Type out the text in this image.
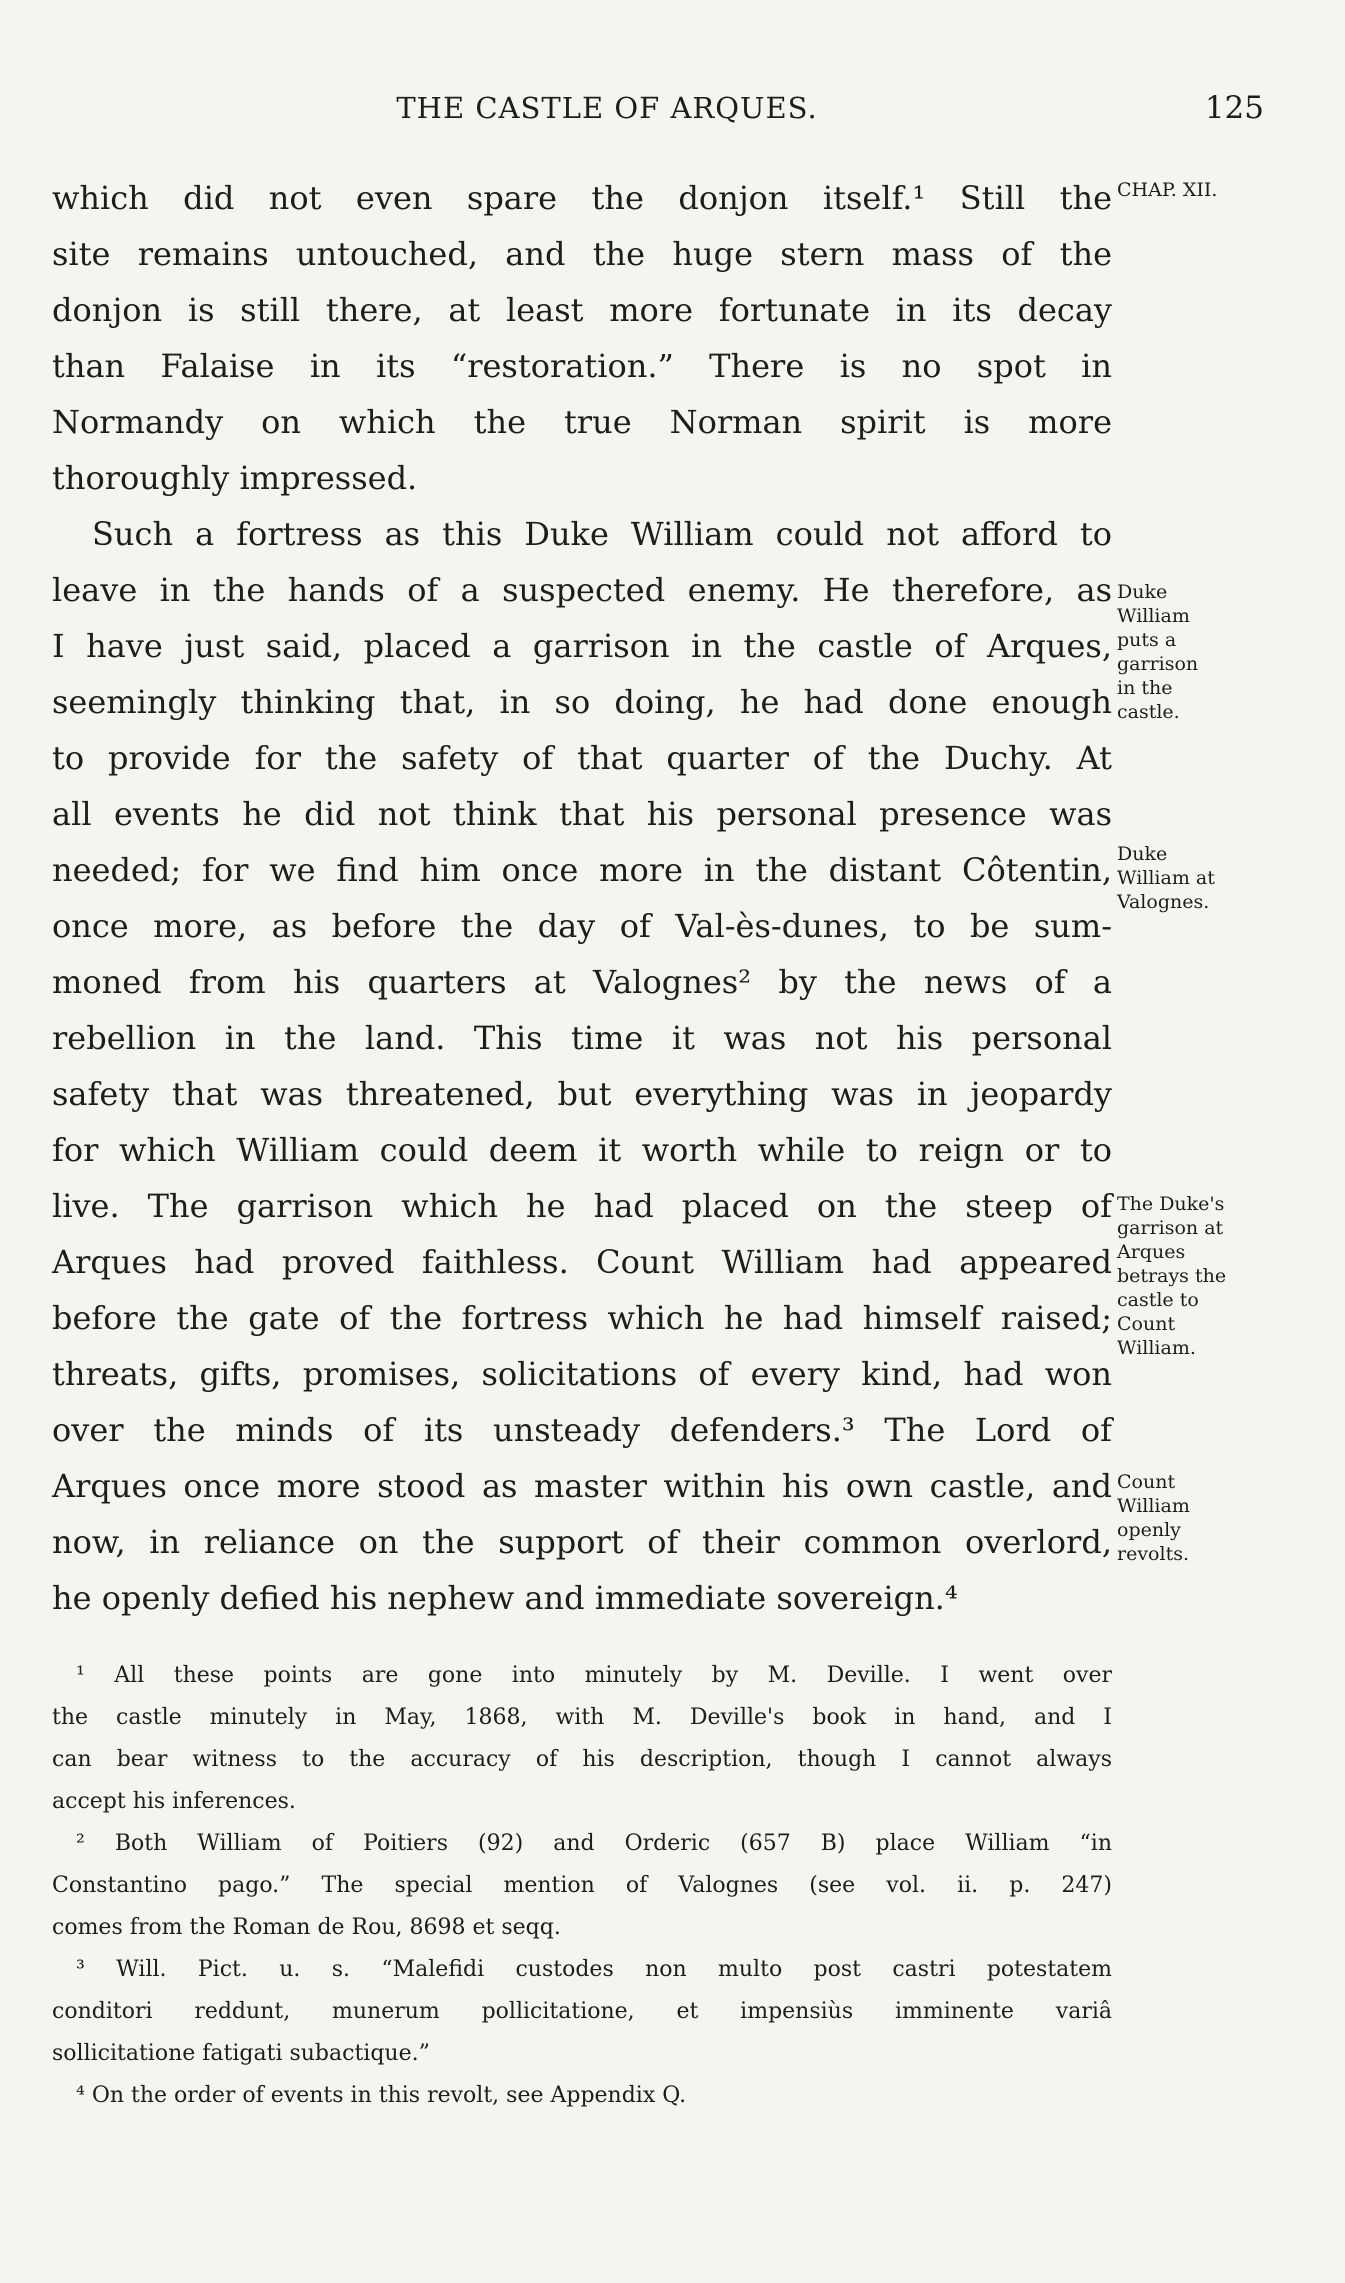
THE CASTLE OF ARQUES.	125
which did not even spare the donjon itself.¹ Still the
site remains untouched, and the huge stern mass of the
donjon is still there, at least more fortunate in its decay
than Falaise in its “restoration.” There is no spot in
Normandy on which the true Norman spirit is more
thoroughly impressed.
Such a fortress as this Duke William could not afford to
leave in the hands of a suspected enemy. He therefore, as
I have just said, placed a garrison in the castle of Arques,
seemingly thinking that, in so doing, he had done enough
to provide for the safety of that quarter of the Duchy. At
all events he did not think that his personal presence was
needed; for we find him once more in the distant Côtentin,
once more, as before the day of Val-ès-dunes, to be sum-
moned from his quarters at Valognes² by the news of a
rebellion in the land. This time it was not his personal
safety that was threatened, but everything was in jeopardy
for which William could deem it worth while to reign or to
live. The garrison which he had placed on the steep of
Arques had proved faithless. Count William had appeared
before the gate of the fortress which he had himself raised;
threats, gifts, promises, solicitations of every kind, had won
over the minds of its unsteady defenders.³ The Lord of
Arques once more stood as master within his own castle, and
now, in reliance on the support of their common overlord,
he openly defied his nephew and immediate sovereign.⁴
CHAP. XII.
Duke
William
puts a
garrison
in the
castle.
Duke
William at
Valognes.
The Duke's
garrison at
Arques
betrays the
castle to
Count
William.
Count
William
openly
revolts.
¹ All these points are gone into minutely by M. Deville. I went over
the castle minutely in May, 1868, with M. Deville's book in hand, and I
can bear witness to the accuracy of his description, though I cannot always
accept his inferences.
² Both William of Poitiers (92) and Orderic (657 B) place William “in
Constantino pago.” The special mention of Valognes (see vol. ii. p. 247)
comes from the Roman de Rou, 8698 et seqq.
³ Will. Pict. u. s. “Malefidi custodes non multo post castri potestatem
conditori reddunt, munerum pollicitatione, et impensiùs imminente variâ
sollicitatione fatigati subactique.”
⁴ On the order of events in this revolt, see Appendix Q.
